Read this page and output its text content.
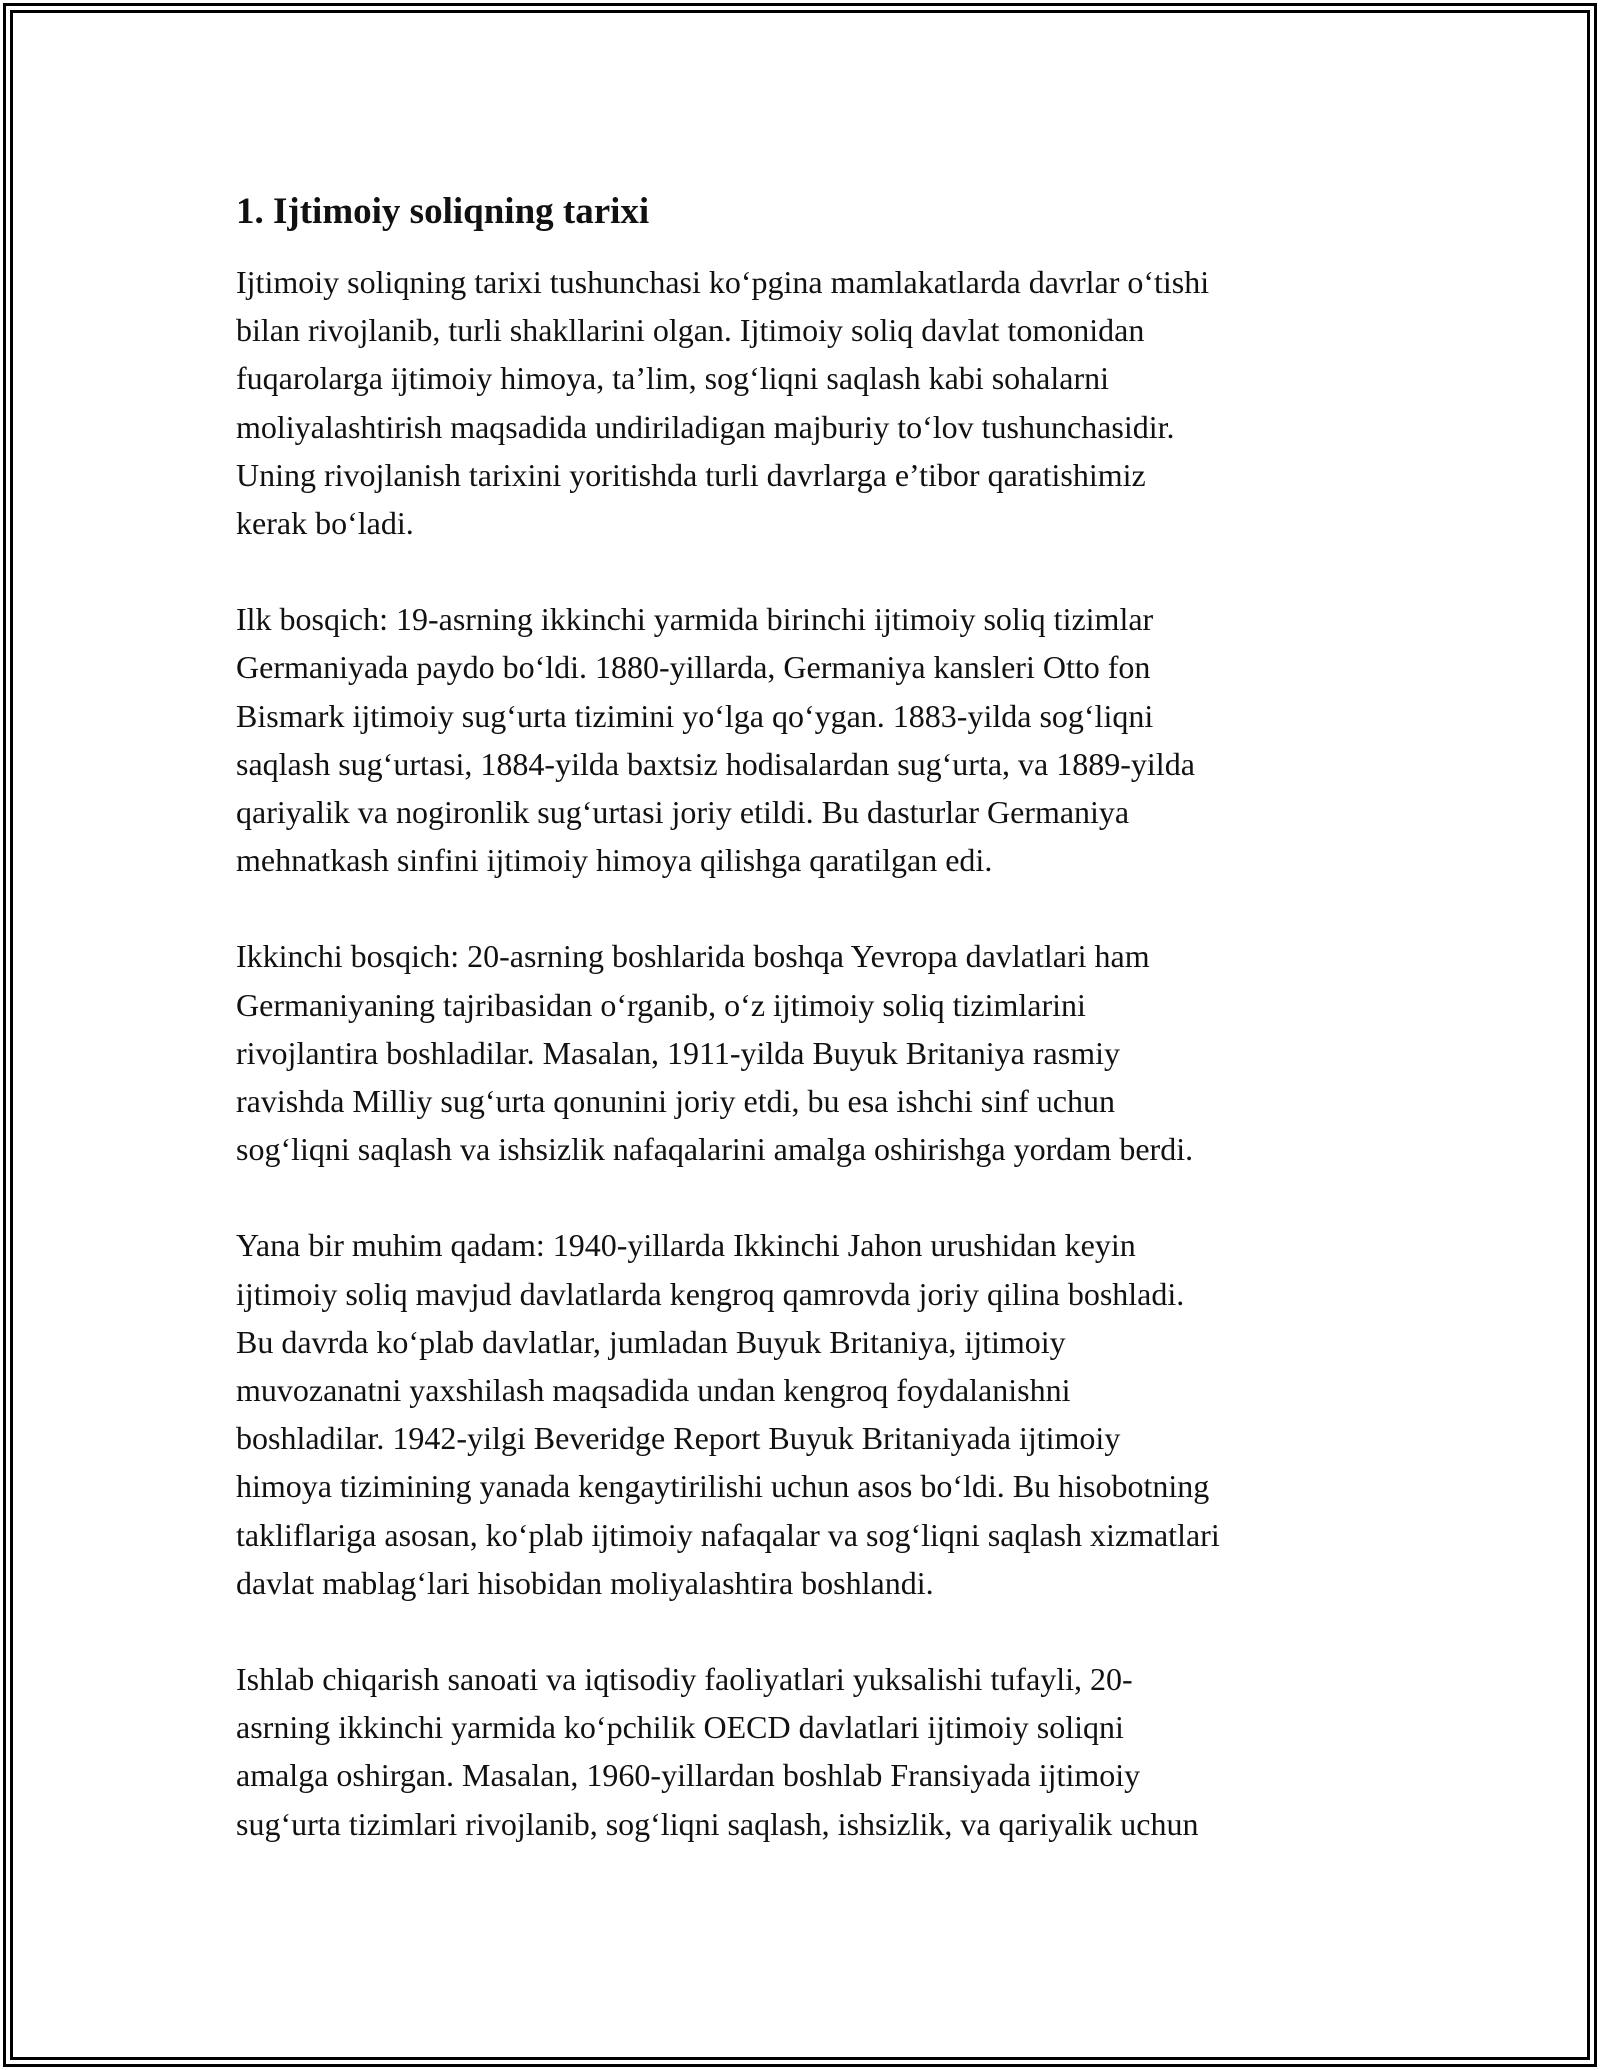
1. Ijtimoiy soliqning tarixi
Ijtimoiy soliqning tarixi tushunchasi ko‘pgina mamlakatlarda davrlar o‘tishi
bilan rivojlanib, turli shakllarini olgan. Ijtimoiy soliq davlat tomonidan
fuqarolarga ijtimoiy himoya, ta’lim, sog‘liqni saqlash kabi sohalarni
moliyalashtirish maqsadida undiriladigan majburiy to‘lov tushunchasidir.
Uning rivojlanish tarixini yoritishda turli davrlarga e’tibor qaratishimiz
kerak bo‘ladi.
Ilk bosqich: 19-asrning ikkinchi yarmida birinchi ijtimoiy soliq tizimlar
Germaniyada paydo bo‘ldi. 1880-yillarda, Germaniya kansleri Otto fon
Bismark ijtimoiy sug‘urta tizimini yo‘lga qo‘ygan. 1883-yilda sog‘liqni
saqlash sug‘urtasi, 1884-yilda baxtsiz hodisalardan sug‘urta, va 1889-yilda
qariyalik va nogironlik sug‘urtasi joriy etildi. Bu dasturlar Germaniya
mehnatkash sinfini ijtimoiy himoya qilishga qaratilgan edi.
Ikkinchi bosqich: 20-asrning boshlarida boshqa Yevropa davlatlari ham
Germaniyaning tajribasidan o‘rganib, o‘z ijtimoiy soliq tizimlarini
rivojlantira boshladilar. Masalan, 1911-yilda Buyuk Britaniya rasmiy
ravishda Milliy sug‘urta qonunini joriy etdi, bu esa ishchi sinf uchun
sog‘liqni saqlash va ishsizlik nafaqalarini amalga oshirishga yordam berdi.
Yana bir muhim qadam: 1940-yillarda Ikkinchi Jahon urushidan keyin
ijtimoiy soliq mavjud davlatlarda kengroq qamrovda joriy qilina boshladi.
Bu davrda ko‘plab davlatlar, jumladan Buyuk Britaniya, ijtimoiy
muvozanatni yaxshilash maqsadida undan kengroq foydalanishni
boshladilar. 1942-yilgi Beveridge Report Buyuk Britaniyada ijtimoiy
himoya tizimining yanada kengaytirilishi uchun asos bo‘ldi. Bu hisobotning
takliflariga asosan, ko‘plab ijtimoiy nafaqalar va sog‘liqni saqlash xizmatlari
davlat mablag‘lari hisobidan moliyalashtira boshlandi.
Ishlab chiqarish sanoati va iqtisodiy faoliyatlari yuksalishi tufayli, 20-
asrning ikkinchi yarmida ko‘pchilik OECD davlatlari ijtimoiy soliqni
amalga oshirgan. Masalan, 1960-yillardan boshlab Fransiyada ijtimoiy
sug‘urta tizimlari rivojlanib, sog‘liqni saqlash, ishsizlik, va qariyalik uchun
